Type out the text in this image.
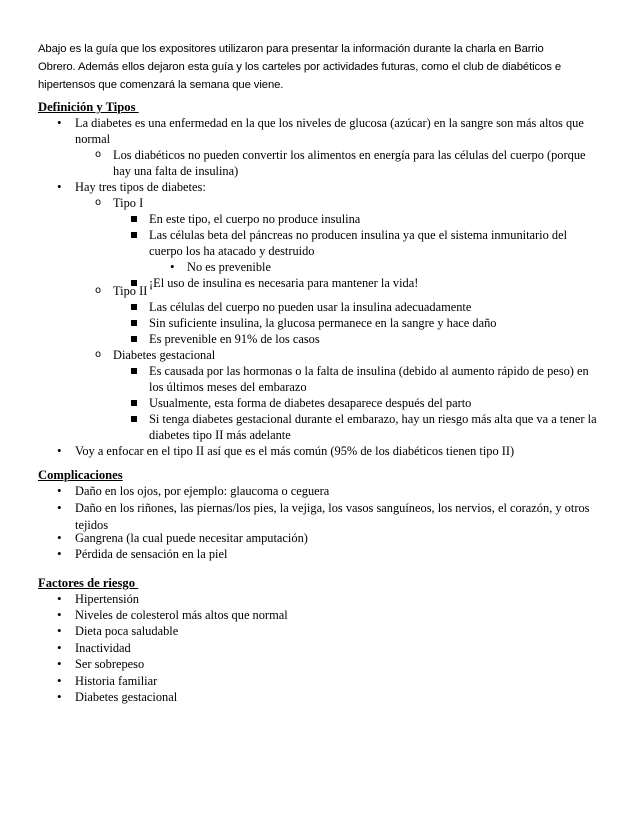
Abajo es la guía que los expositores utilizaron para presentar la información durante la charla en Barrio

Obrero. Además ellos dejaron esta guía y los carteles por actividades futuras, como el club de diabéticos e

hipertensos que comenzará la semana que viene.

Definición y Tipos
• La diabetes es una enfermedad en la que los niveles de glucosa (azúcar) en la sangre son más altos que normal
o Los diabéticos no pueden convertir los alimentos en energía para las células del cuerpo (porque hay una falta de insulina)
• Hay tres tipos de diabetes:
o Tipo I
En este tipo, el cuerpo no produce insulina
Las células beta del páncreas no producen insulina ya que el sistema inmunitario del cuerpo los ha atacado y destruido
• No es prevenible
¡El uso de insulina es necesaria para mantener la vida!
o Tipo II
Las células del cuerpo no pueden usar la insulina adecuadamente
Sin suficiente insulina, la glucosa permanece en la sangre y hace daño
Es prevenible en 91% de los casos
o Diabetes gestacional
Es causada por las hormonas o la falta de insulina (debido al aumento rápido de peso) en los últimos meses del embarazo
Usualmente, esta forma de diabetes desaparece después del parto
Si tenga diabetes gestacional durante el embarazo, hay un riesgo más alta que va a tener la diabetes tipo II más adelante
• Voy a enfocar en el tipo II así que es el más común (95% de los diabéticos tienen tipo II)
Complicaciones
• Daño en los ojos, por ejemplo: glaucoma o ceguera
• Daño en los riñones, las piernas/los pies, la vejiga, los vasos sanguíneos, los nervios, el corazón, y otros tejidos
• Gangrena (la cual puede necesitar amputación)
• Pérdida de sensación en la piel
Factores de riesgo
• Hipertensión
• Niveles de colesterol más altos que normal
• Dieta poca saludable
• Inactividad
• Ser sobrepeso
• Historia familiar
• Diabetes gestacional
